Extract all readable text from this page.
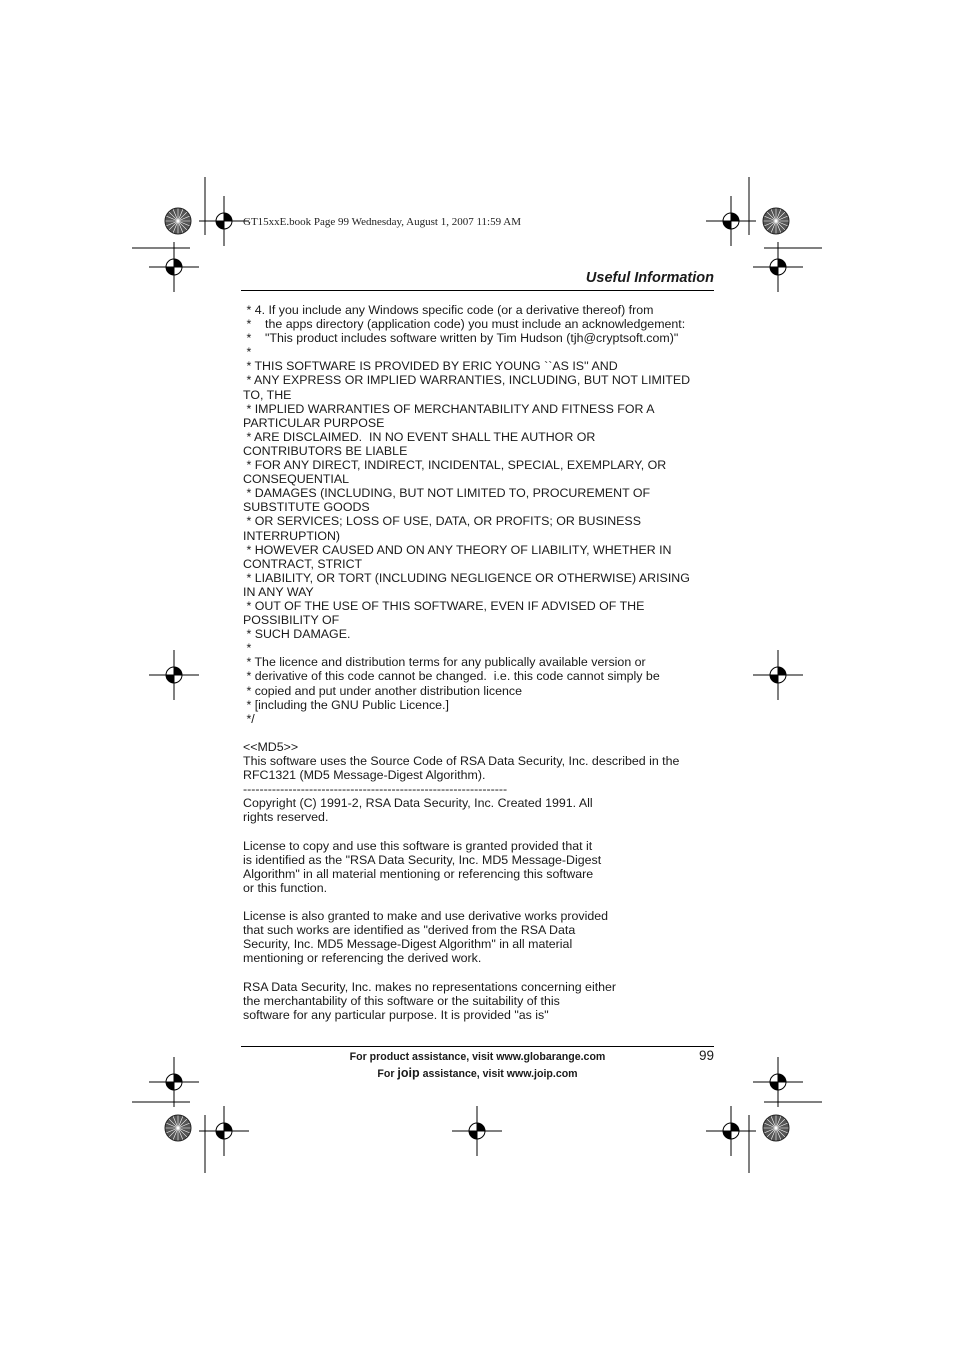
GT15xxE.book Page 99 Wednesday, August 1, 2007 11:59 AM
Useful Information
* 4. If you include any Windows specific code (or a derivative thereof) from
*    the apps directory (application code) you must include an acknowledgement:
*    "This product includes software written by Tim Hudson (tjh@cryptsoft.com)"
*
* THIS SOFTWARE IS PROVIDED BY ERIC YOUNG ``AS IS'' AND
* ANY EXPRESS OR IMPLIED WARRANTIES, INCLUDING, BUT NOT LIMITED
TO, THE
* IMPLIED WARRANTIES OF MERCHANTABILITY AND FITNESS FOR A
PARTICULAR PURPOSE
* ARE DISCLAIMED.  IN NO EVENT SHALL THE AUTHOR OR
CONTRIBUTORS BE LIABLE
* FOR ANY DIRECT, INDIRECT, INCIDENTAL, SPECIAL, EXEMPLARY, OR
CONSEQUENTIAL
* DAMAGES (INCLUDING, BUT NOT LIMITED TO, PROCUREMENT OF
SUBSTITUTE GOODS
* OR SERVICES; LOSS OF USE, DATA, OR PROFITS; OR BUSINESS
INTERRUPTION)
* HOWEVER CAUSED AND ON ANY THEORY OF LIABILITY, WHETHER IN
CONTRACT, STRICT
* LIABILITY, OR TORT (INCLUDING NEGLIGENCE OR OTHERWISE) ARISING
IN ANY WAY
* OUT OF THE USE OF THIS SOFTWARE, EVEN IF ADVISED OF THE
POSSIBILITY OF
* SUCH DAMAGE.
*
* The licence and distribution terms for any publically available version or
* derivative of this code cannot be changed.  i.e. this code cannot simply be
* copied and put under another distribution licence
* [including the GNU Public Licence.]
*/
<<MD5>>
This software uses the Source Code of RSA Data Security, Inc. described in the
RFC1321 (MD5 Message-Digest Algorithm).
----------------------------------------------------------------
Copyright (C) 1991-2, RSA Data Security, Inc. Created 1991. All
rights reserved.
License to copy and use this software is granted provided that it
is identified as the "RSA Data Security, Inc. MD5 Message-Digest
Algorithm" in all material mentioning or referencing this software
or this function.
License is also granted to make and use derivative works provided
that such works are identified as "derived from the RSA Data
Security, Inc. MD5 Message-Digest Algorithm" in all material
mentioning or referencing the derived work.
RSA Data Security, Inc. makes no representations concerning either
the merchantability of this software or the suitability of this
software for any particular purpose. It is provided "as is"
For product assistance, visit www.globarange.com
For joip assistance, visit www.joip.com
99
